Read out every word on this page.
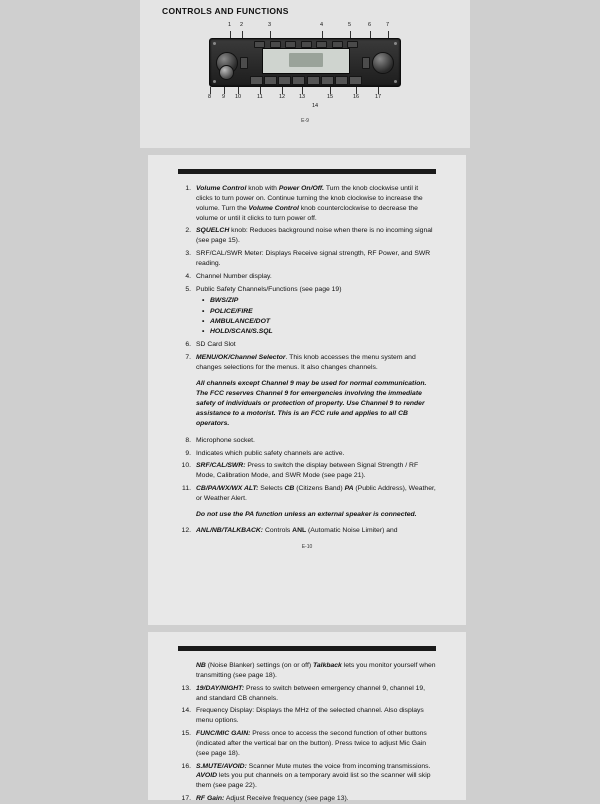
CONTROLS AND FUNCTIONS
1 2	3	4	5	6	7
8 9 10	11	12	13	15	16	17
14
E-9
1. Volume Control knob with Power On/Off. Turn the knob clockwise until it clicks to turn power on. Continue turning the knob clockwise to increase the volume. Turn the Volume Control knob counterclockwise to decrease the volume or until it clicks to turn power off.
2. SQUELCH knob: Reduces background noise when there is no incoming signal (see page 15).
3. SRF/CAL/SWR Meter: Displays Receive signal strength, RF Power, and SWR reading.
4. Channel Number display.
5. Public Safety Channels/Functions (see page 19)
• BWS/ZIP
• POLICE/FIRE
• AMBULANCE/DOT
• HOLD/SCAN/S.SQL
6. SD Card Slot
7. MENU/OK/Channel Selector. This knob accesses the menu system and changes selections for the menus. It also changes channels.
All channels except Channel 9 may be used for normal communication. The FCC reserves Channel 9 for emergencies involving the immediate safety of individuals or protection of property. Use Channel 9 to render assistance to a motorist. This is an FCC rule and applies to all CB operators.
8. Microphone socket.
9. Indicates which public safety channels are active.
10. SRF/CAL/SWR: Press to switch the display between Signal Strength / RF Mode, Calibration Mode, and SWR Mode (see page 21).
11. CB/PA/WX/WX ALT: Selects CB (Citizens Band) PA (Public Address), Weather, or Weather Alert.
Do not use the PA function unless an external speaker is connected.
12. ANL/NB/TALKBACK: Controls ANL (Automatic Noise Limiter) and
E-10
NB (Noise Blanker) settings (on or off) Talkback lets you monitor yourself when transmitting (see page 18).
13. 19/DAY/NIGHT: Press to switch between emergency channel 9, channel 19, and standard CB channels.
14. Frequency Display: Displays the MHz of the selected channel. Also displays menu options.
15. FUNC/MIC GAIN: Press once to access the second function of other buttons (indicated after the vertical bar on the button). Press twice to adjust Mic Gain (see page 18).
16. S.MUTE/AVOID: Scanner Mute mutes the voice from incoming transmissions. AVOID lets you put channels on a temporary avoid list so the scanner will skip them (see page 22).
17. RF Gain: Adjust Receive frequency (see page 13).
